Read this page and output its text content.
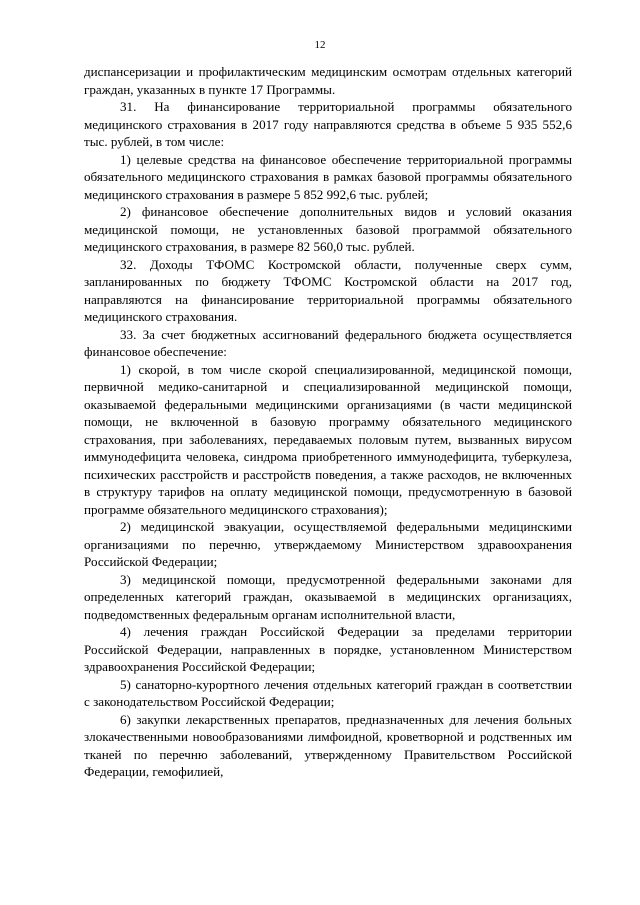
12

диспансеризации и профилактическим медицинским осмотрам отдельных категорий граждан, указанных в пункте 17 Программы.

31. На финансирование территориальной программы обязательного медицинского страхования в 2017 году направляются средства в объеме 5 935 552,6 тыс. рублей, в том числе:

1) целевые средства на финансовое обеспечение территориальной программы обязательного медицинского страхования в рамках базовой программы обязательного медицинского страхования в размере 5 852 992,6 тыс. рублей;

2) финансовое обеспечение дополнительных видов и условий оказания медицинской помощи, не установленных базовой программой обязательного медицинского страхования, в размере 82 560,0 тыс. рублей.

32. Доходы ТФОМС Костромской области, полученные сверх сумм, запланированных по бюджету ТФОМС Костромской области на 2017 год, направляются на финансирование территориальной программы обязательного медицинского страхования.

33. За счет бюджетных ассигнований федерального бюджета осуществляется финансовое обеспечение:

1) скорой, в том числе скорой специализированной, медицинской помощи, первичной медико-санитарной и специализированной медицинской помощи, оказываемой федеральными медицинскими организациями (в части медицинской помощи, не включенной в базовую программу обязательного медицинского страхования, при заболеваниях, передаваемых половым путем, вызванных вирусом иммунодефицита человека, синдрома приобретенного иммунодефицита, туберкулеза, психических расстройств и расстройств поведения, а также расходов, не включенных в структуру тарифов на оплату медицинской помощи, предусмотренную в базовой программе обязательного медицинского страхования);

2) медицинской эвакуации, осуществляемой федеральными медицинскими организациями по перечню, утверждаемому Министерством здравоохранения Российской Федерации;

3) медицинской помощи, предусмотренной федеральными законами для определенных категорий граждан, оказываемой в медицинских организациях, подведомственных федеральным органам исполнительной власти,

4) лечения граждан Российской Федерации за пределами территории Российской Федерации, направленных в порядке, установленном Министерством здравоохранения Российской Федерации;

5) санаторно-курортного лечения отдельных категорий граждан в соответствии с законодательством Российской Федерации;

6) закупки лекарственных препаратов, предназначенных для лечения больных злокачественными новообразованиями лимфоидной, кроветворной и родственных им тканей по перечню заболеваний, утвержденному Правительством Российской Федерации, гемофилией,
